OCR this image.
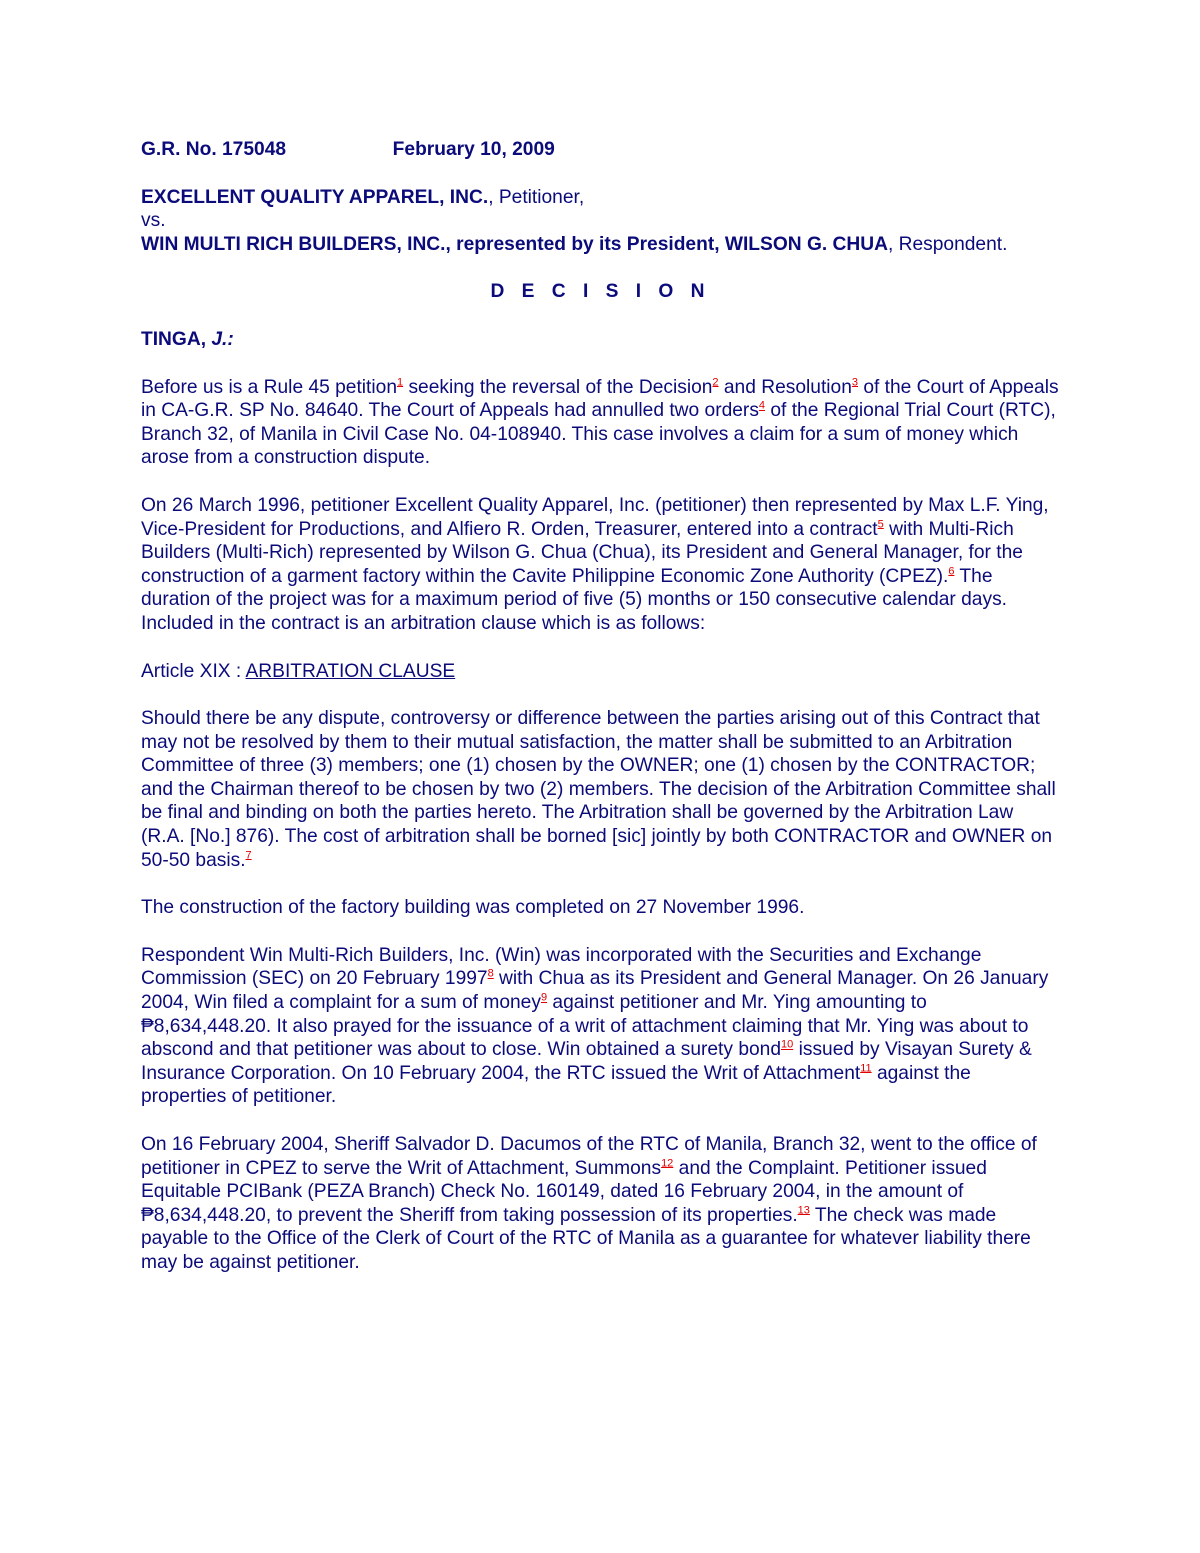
G.R. No. 175048	February 10, 2009

EXCELLENT QUALITY APPAREL, INC., Petitioner,

vs.

WIN MULTI RICH BUILDERS, INC., represented by its President, WILSON G. CHUA, Respondent.

D E C I S I O N

TINGA, J.:

Before us is a Rule 45 petition$^1$ seeking the reversal of the Decision$^2$ and Resolution$^3$ of the Court of Appeals in CA-G.R. SP No. 84640. The Court of Appeals had annulled two orders$^4$ of the Regional Trial Court (RTC), Branch 32, of Manila in Civil Case No. 04-108940. This case involves a claim for a sum of money which arose from a construction dispute.

On 26 March 1996, petitioner Excellent Quality Apparel, Inc. (petitioner) then represented by Max L.F. Ying, Vice-President for Productions, and Alfiero R. Orden, Treasurer, entered into a contract$^5$ with Multi-Rich Builders (Multi-Rich) represented by Wilson G. Chua (Chua), its President and General Manager, for the construction of a garment factory within the Cavite Philippine Economic Zone Authority (CPEZ).$^6$ The duration of the project was for a maximum period of five (5) months or 150 consecutive calendar days. Included in the contract is an arbitration clause which is as follows:

Article XIX : ARBITRATION CLAUSE

Should there be any dispute, controversy or difference between the parties arising out of this Contract that may not be resolved by them to their mutual satisfaction, the matter shall be submitted to an Arbitration Committee of three (3) members; one (1) chosen by the OWNER; one (1) chosen by the CONTRACTOR; and the Chairman thereof to be chosen by two (2) members. The decision of the Arbitration Committee shall be final and binding on both the parties hereto. The Arbitration shall be governed by the Arbitration Law (R.A. [No.] 876). The cost of arbitration shall be borned [sic] jointly by both CONTRACTOR and OWNER on 50-50 basis.$^7$

The construction of the factory building was completed on 27 November 1996.

Respondent Win Multi-Rich Builders, Inc. (Win) was incorporated with the Securities and Exchange Commission (SEC) on 20 February 1997$^8$ with Chua as its President and General Manager. On 26 January 2004, Win filed a complaint for a sum of money$^9$ against petitioner and Mr. Ying amounting to ₱8,634,448.20. It also prayed for the issuance of a writ of attachment claiming that Mr. Ying was about to abscond and that petitioner was about to close. Win obtained a surety bond$^{10}$ issued by Visayan Surety & Insurance Corporation. On 10 February 2004, the RTC issued the Writ of Attachment$^{11}$ against the properties of petitioner.

On 16 February 2004, Sheriff Salvador D. Dacumos of the RTC of Manila, Branch 32, went to the office of petitioner in CPEZ to serve the Writ of Attachment, Summons$^{12}$ and the Complaint. Petitioner issued Equitable PCIBank (PEZA Branch) Check No. 160149, dated 16 February 2004, in the amount of ₱8,634,448.20, to prevent the Sheriff from taking possession of its properties.$^{13}$ The check was made payable to the Office of the Clerk of Court of the RTC of Manila as a guarantee for whatever liability there may be against petitioner.
